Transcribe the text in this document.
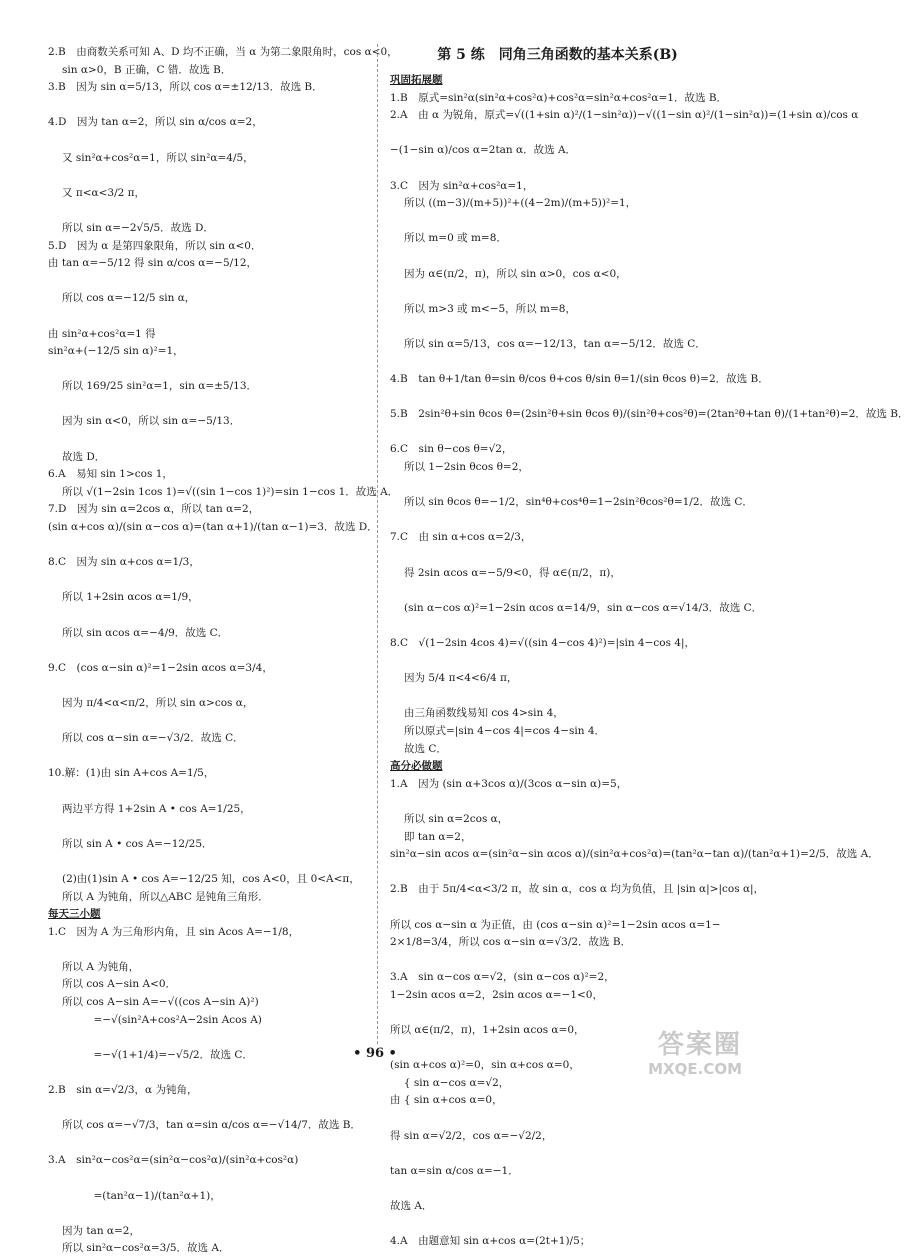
2.B　由商数关系可知 A、D 均不正确，当 α 为第二象限角时，cos α<0，
sin α>0，B 正确，C 错．故选 B．
3.B　因为 sin α=5/13，所以 cos α=±12/13．故选 B．

4.D　因为 tan α=2，所以 sin α/cos α=2，

又 sin²α+cos²α=1，所以 sin²α=4/5，

又 π<α<3/2 π，

所以 sin α=−2√5/5．故选 D．
5.D　因为 α 是第四象限角，所以 sin α<0．
由 tan α=−5/12 得 sin α/cos α=−5/12，

所以 cos α=−12/5 sin α，

由 sin²α+cos²α=1 得
sin²α+(−12/5 sin α)²=1，

所以 169/25 sin²α=1，sin α=±5/13．

因为 sin α<0，所以 sin α=−5/13．

故选 D．
6.A　易知 sin 1>cos 1，
所以 √(1−2sin 1cos 1)=√((sin 1−cos 1)²)=sin 1−cos 1．故选 A．
7.D　因为 sin α=2cos α，所以 tan α=2，
(sin α+cos α)/(sin α−cos α)=(tan α+1)/(tan α−1)=3．故选 D．

8.C　因为 sin α+cos α=1/3，

所以 1+2sin αcos α=1/9，

所以 sin αcos α=−4/9．故选 C．

9.C　(cos α−sin α)²=1−2sin αcos α=3/4，

因为 π/4<α<π/2，所以 sin α>cos α，

所以 cos α−sin α=−√3/2．故选 C．

10.解：(1)由 sin A+cos A=1/5，

两边平方得 1+2sin A • cos A=1/25，

所以 sin A • cos A=−12/25．

(2)由(1)sin A • cos A=−12/25 知，cos A<0，且 0<A<π，
所以 A 为钝角，所以△ABC 是钝角三角形．
每天三小题
1.C　因为 A 为三角形内角，且 sin Acos A=−1/8，

所以 A 为钝角，
所以 cos A−sin A<0．
所以 cos A−sin A=−√((cos A−sin A)²)
　　　=−√(sin²A+cos²A−2sin Acos A)

　　　=−√(1+1/4)=−√5/2．故选 C．

2.B　sin α=√2/3，α 为钝角，

所以 cos α=−√7/3，tan α=sin α/cos α=−√14/7．故选 B．

3.A　sin²α−cos²α=(sin²α−cos²α)/(sin²α+cos²α)

　　　=(tan²α−1)/(tan²α+1)，

因为 tan α=2，
所以 sin²α−cos²α=3/5．故选 A．
第 5 练　同角三角函数的基本关系(B)
巩固拓展题
1.B　原式=sin²α(sin²α+cos²α)+cos²α=sin²α+cos²α=1．故选 B．
2.A　由 α 为锐角，原式=√((1+sin α)²/(1−sin²α))−√((1−sin α)²/(1−sin²α))=(1+sin α)/cos α

−(1−sin α)/cos α=2tan α．故选 A．

3.C　因为 sin²α+cos²α=1，
所以 ((m−3)/(m+5))²+((4−2m)/(m+5))²=1，

所以 m=0 或 m=8．

因为 α∈(π/2，π)，所以 sin α>0，cos α<0，

所以 m>3 或 m<−5，所以 m=8，

所以 sin α=5/13，cos α=−12/13，tan α=−5/12．故选 C．

4.B　tan θ+1/tan θ=sin θ/cos θ+cos θ/sin θ=1/(sin θcos θ)=2．故选 B．

5.B　2sin²θ+sin θcos θ=(2sin²θ+sin θcos θ)/(sin²θ+cos²θ)=(2tan²θ+tan θ)/(1+tan²θ)=2．故选 B．

6.C　sin θ−cos θ=√2，
所以 1−2sin θcos θ=2，

所以 sin θcos θ=−1/2，sin⁴θ+cos⁴θ=1−2sin²θcos²θ=1/2．故选 C．

7.C　由 sin α+cos α=2/3，

得 2sin αcos α=−5/9<0，得 α∈(π/2，π)，

(sin α−cos α)²=1−2sin αcos α=14/9，sin α−cos α=√14/3．故选 C．

8.C　√(1−2sin 4cos 4)=√((sin 4−cos 4)²)=|sin 4−cos 4|，

因为 5/4 π<4<6/4 π，

由三角函数线易知 cos 4>sin 4，
所以原式=|sin 4−cos 4|=cos 4−sin 4．
故选 C．
高分必做题
1.A　因为 (sin α+3cos α)/(3cos α−sin α)=5，

所以 sin α=2cos α，
即 tan α=2，
sin²α−sin αcos α=(sin²α−sin αcos α)/(sin²α+cos²α)=(tan²α−tan α)/(tan²α+1)=2/5．故选 A．

2.B　由于 5π/4<α<3/2 π，故 sin α，cos α 均为负值，且 |sin α|>|cos α|，

所以 cos α−sin α 为正值，由 (cos α−sin α)²=1−2sin αcos α=1−
2×1/8=3/4，所以 cos α−sin α=√3/2．故选 B．

3.A　sin α−cos α=√2，(sin α−cos α)²=2，
1−2sin αcos α=2，2sin αcos α=−1<0，

所以 α∈(π/2，π)，1+2sin αcos α=0，

(sin α+cos α)²=0，sin α+cos α=0，
　 { sin α−cos α=√2，
由 { sin α+cos α=0，

得 sin α=√2/2，cos α=−√2/2，

tan α=sin α/cos α=−1．

故选 A．

4.A　由题意知 sin α+cos α=(2t+1)/5；
• 96 •	答案圈
MXQE.COM
